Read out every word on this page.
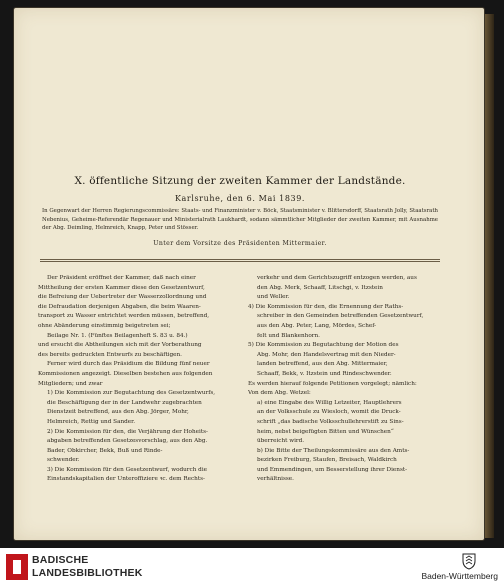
X. öffentliche Sitzung der zweiten Kammer der Landstände.
Karlsruhe, den 6. Mai 1839.
In Gegenwart der Herren Regierungscommissäre: Staats- und Finanzminister v. Böck, Staatsminister v. Blittersdorff, Staatsrath Jolly, Staatsrath Nebenius, Geheime-Referendär Regenauer und Ministerialrath Laukhardt, sodann sämmtlicher Mitglieder der zweiten Kammer, mit Ausnahme der Abg. Deimling, Helmreich, Knapp, Peter und Stösser.
Unter dem Vorsitze des Präsidenten Mittermaier.
Der Präsident eröffnet der Kammer, daß nach einer
Mittheilung der ersten Kammer diese den Gesetzentwurf,
die Befreiung der Uebertreter der Wasserzollordnung und
die Defraudation derjenigen Abgaben, die beim Waaren-
transport zu Wasser entrichtet werden müssen, betreffend,
ohne Abänderung einstimmig beigetreten sei;
Beilage Nr. 1. (Fünftes Beilagenheft S. 83 u. 84.)
und ersucht die Abtheilungen sich mit der Vorberathung
des bereits gedruckten Entwurfs zu beschäftigen.
Ferner wird durch das Präsidium die Bildung fünf neuer
Kommissionen angezeigt. Dieselben bestehen aus folgenden
Mitgliedern; und zwar
1) Die Kommission zur Begutachtung des Gesetzentwurfs,
die Beschäftigung der in der Landwehr zugebrachten
Dienstzeit betreffend, aus den Abg. Jörger, Mohr,
Helmreich, Rettig und Sander.
2) Die Kommission für den, die Verjährung der Hoheits-
abgaben betreffenden Gesetzesvorschlag, aus den Abg.
Bader, Obkircher, Bekk, Buß und Rinde-
schwender.
3) Die Kommission für den Gesetzentwurf, wodurch die
Einstandskapitalien der Unteroffiziere ꝛc. dem Rechts-
verkehr und dem Gerichtszugriff entzogen werden, aus
den Abg. Merk, Schaaff, Litschgi, v. Itzstein
und Weller.
4) Die Kommission für den, die Ernennung der Raths-
schreiber in den Gemeinden betreffenden Gesetzentwurf,
aus den Abg. Peter, Lang, Mördes, Schef-
felt und Blankenhorn.
5) Die Kommission zu Begutachtung der Motion des
Abg. Mohr, den Handelsvertrag mit den Nieder-
landen betreffend, aus den Abg. Mittermaier,
Schaaff, Bekk, v. Itzstein und Rindeschwender.
Es werden hierauf folgende Petitionen vorgelegt; nämlich:
Von dem Abg. Wetzel:
a) eine Eingabe des Willig Letzeiter, Hauptlehrers
an der Volksschule zu Wiesloch, womit die Druck-
schrift „das badische Volksschullehrerstift zu Sins-
heim, nebst beigefügten Bitten und Wünschen“
überreicht wird.
b) Die Bitte der Theilungskommissäre aus den Amts-
bezirken Freiburg, Staufen, Breisach, Waldkirch
und Emmendingen, um Besserstellung ihrer Dienst-
verhältnisse.
BADISCHE
LANDESBIBLIOTHEK	Baden-Württemberg
